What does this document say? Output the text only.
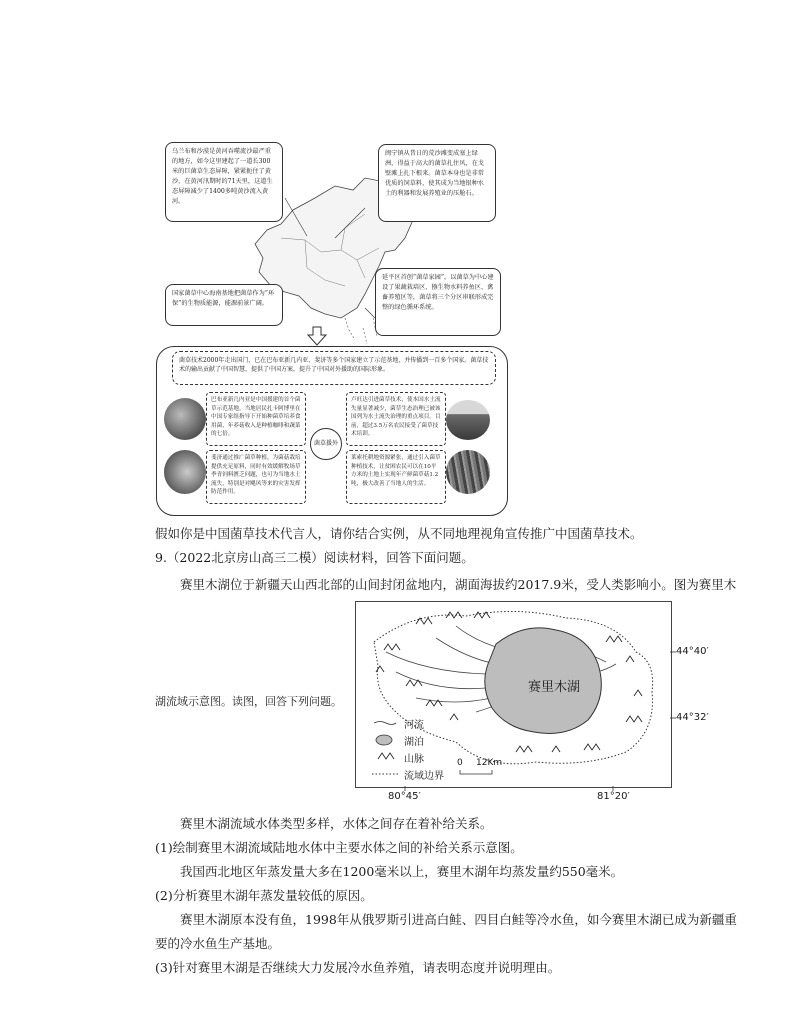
乌兰布和沙漠是黄河吞噬流沙最严重的地方，如今这里建起了一道长300米的巨菌草生态屏障，紧紧扼住了黄沙，在黄河汛期时的71天里，这道生态屏障减少了1400多吨黄沙流入黄河。
闽宁镇从昔日的荒沙滩变成塞上绿洲，得益于高大的菌草扎住风，在戈壁滩上扎下根来。菌草本身也是非常优质的饲草料，使其成为当地银种水土的利器和发展养殖业的压舱石。
国家菌草中心海南基地把菌草作为“环保”的生物质能源，能源前景广阔。
延平区首创“菌草家园”。以菌草为中心建设了果蔬栽培区、猕生物水料养鱼区、禽畜养殖区等，菌草将三个分区串联形成完整的绿色循环系统。
菌草技术2000年走出国门，已在巴布亚新几内亚、斐济等多个国家建立了示范基地，并传播到一百多个国家。菌草技术的输出贡献了中国智慧，提供了中国方案，提升了中国对外援助的国际形象。
巴布亚新几内亚是中国援建的首个菌草示范基地。当地居民扎卡阿博里在中国专家组指导下开始种菌草培养食用菌，年养菇收入是种植咖啡和蔬菜的七倍。
卢旺达引进菌草技术，使本国水土流失量显著减少，菌草生态治理已被该国列为水土流失治理的重点项目。目前，超过3.5万名农民接受了菌草技术培训。
斐济通过推广菌草种植，为菌菇栽培提供充足原料，同时有效缓解牧场草季青饲料匮乏问题，也可为当地水土流失，特别是对飓风等来的灾害发挥防范作用。
莱索托耕地资源紧张，通过引入菌草种植技术，让贫困农民可以在10平方米的土地上实现年产鲜菌草菇1.2吨，极大改善了当地人的生活。
菌草援外
假如你是中国菌草技术代言人，请你结合实例，从不同地理视角宣传推广中国菌草技术。
9.（2022北京房山高三二模）阅读材料，回答下面问题。
赛里木湖位于新疆天山西北部的山间封闭盆地内，湖面海拔约2017.9米，受人类影响小。图为赛里木
赛里木湖
河流
湖泊
山脉
流域边界
0 12Km
44°40′
44°32′
80°45′	81°20′
湖流域示意图。读图，回答下列问题。
赛里木湖流域水体类型多样，水体之间存在着补给关系。
(1)绘制赛里木湖流域陆地水体中主要水体之间的补给关系示意图。
我国西北地区年蒸发量大多在1200毫米以上，赛里木湖年均蒸发量约550毫米。
(2)分析赛里木湖年蒸发量较低的原因。
赛里木湖原本没有鱼，1998年从俄罗斯引进高白鲑、四目白鲑等冷水鱼，如今赛里木湖已成为新疆重
要的冷水鱼生产基地。
(3)针对赛里木湖是否继续大力发展冷水鱼养殖，请表明态度并说明理由。
